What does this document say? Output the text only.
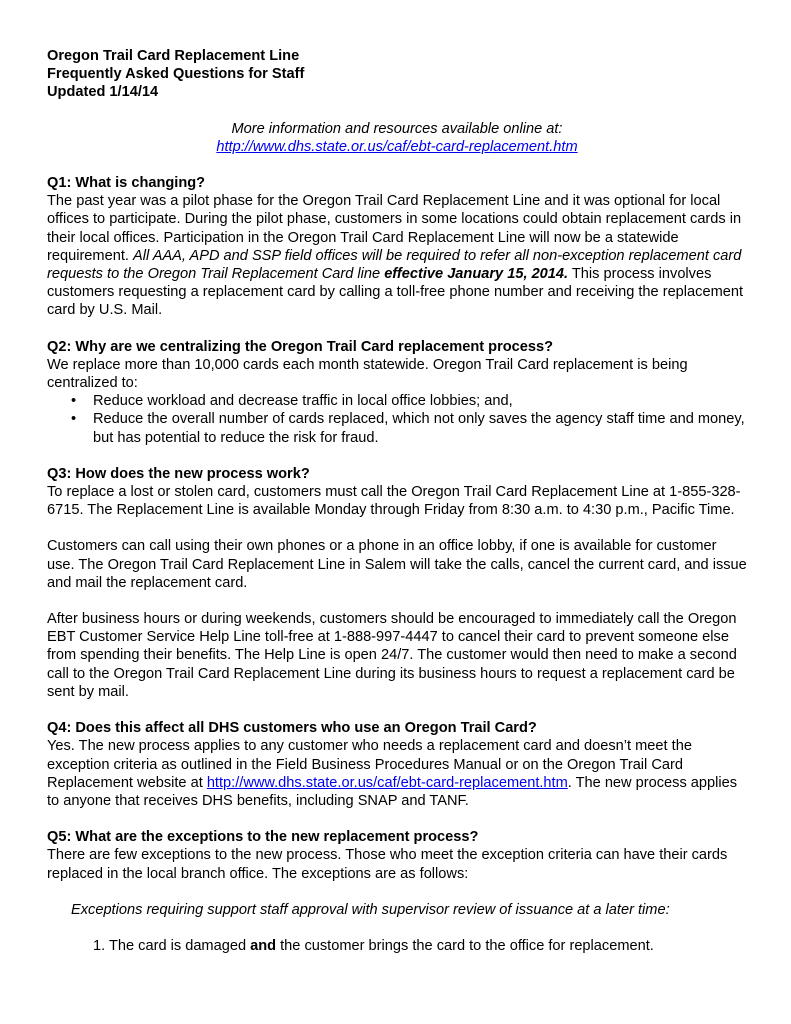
Oregon Trail Card Replacement Line

Frequently Asked Questions for Staff

Updated 1/14/14

More information and resources available online at:
http://www.dhs.state.or.us/caf/ebt-card-replacement.htm

Q1: What is changing?

The past year was a pilot phase for the Oregon Trail Card Replacement Line and it was optional for local offices to participate. During the pilot phase, customers in some locations could obtain replacement cards in their local offices. Participation in the Oregon Trail Card Replacement Line will now be a statewide requirement. All AAA, APD and SSP field offices will be required to refer all non-exception replacement card requests to the Oregon Trail Replacement Card line effective January 15, 2014. This process involves customers requesting a replacement card by calling a toll-free phone number and receiving the replacement card by U.S. Mail.

Q2: Why are we centralizing the Oregon Trail Card replacement process?

We replace more than 10,000 cards each month statewide. Oregon Trail Card replacement is being centralized to:

• Reduce workload and decrease traffic in local office lobbies; and,
• Reduce the overall number of cards replaced, which not only saves the agency staff time and money, but has potential to reduce the risk for fraud.

Q3: How does the new process work?

To replace a lost or stolen card, customers must call the Oregon Trail Card Replacement Line at 1-855-328-6715. The Replacement Line is available Monday through Friday from 8:30 a.m. to 4:30 p.m., Pacific Time.

Customers can call using their own phones or a phone in an office lobby, if one is available for customer use. The Oregon Trail Card Replacement Line in Salem will take the calls, cancel the current card, and issue and mail the replacement card.

After business hours or during weekends, customers should be encouraged to immediately call the Oregon EBT Customer Service Help Line toll-free at 1-888-997-4447 to cancel their card to prevent someone else from spending their benefits. The Help Line is open 24/7. The customer would then need to make a second call to the Oregon Trail Card Replacement Line during its business hours to request a replacement card be sent by mail.

Q4: Does this affect all DHS customers who use an Oregon Trail Card?

Yes. The new process applies to any customer who needs a replacement card and doesn’t meet the exception criteria as outlined in the Field Business Procedures Manual or on the Oregon Trail Card Replacement website at http://www.dhs.state.or.us/caf/ebt-card-replacement.htm. The new process applies to anyone that receives DHS benefits, including SNAP and TANF.

Q5: What are the exceptions to the new replacement process?

There are few exceptions to the new process. Those who meet the exception criteria can have their cards replaced in the local branch office. The exceptions are as follows:

Exceptions requiring support staff approval with supervisor review of issuance at a later time:

1. The card is damaged and the customer brings the card to the office for replacement.
